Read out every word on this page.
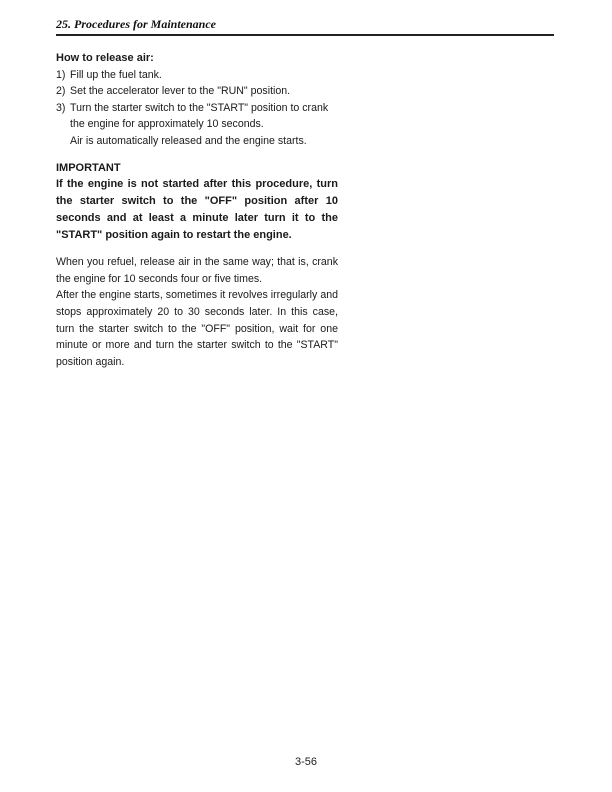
25. Procedures for Maintenance
How to release air:
1) Fill up the fuel tank.
2) Set the accelerator lever to the "RUN" position.
3) Turn the starter switch to the "START" position to crank the engine for approximately 10 seconds.
Air is automatically released and the engine starts.
IMPORTANT
If the engine is not started after this procedure, turn the starter switch to the "OFF" position after 10 seconds and at least a minute later turn it to the "START" position again to restart the engine.

When you refuel, release air in the same way; that is, crank the engine for 10 seconds four or five times.

After the engine starts, sometimes it revolves irregularly and stops approximately 20 to 30 seconds later. In this case, turn the starter switch to the "OFF" position, wait for one minute or more and turn the starter switch to the "START" position again.

3-56
